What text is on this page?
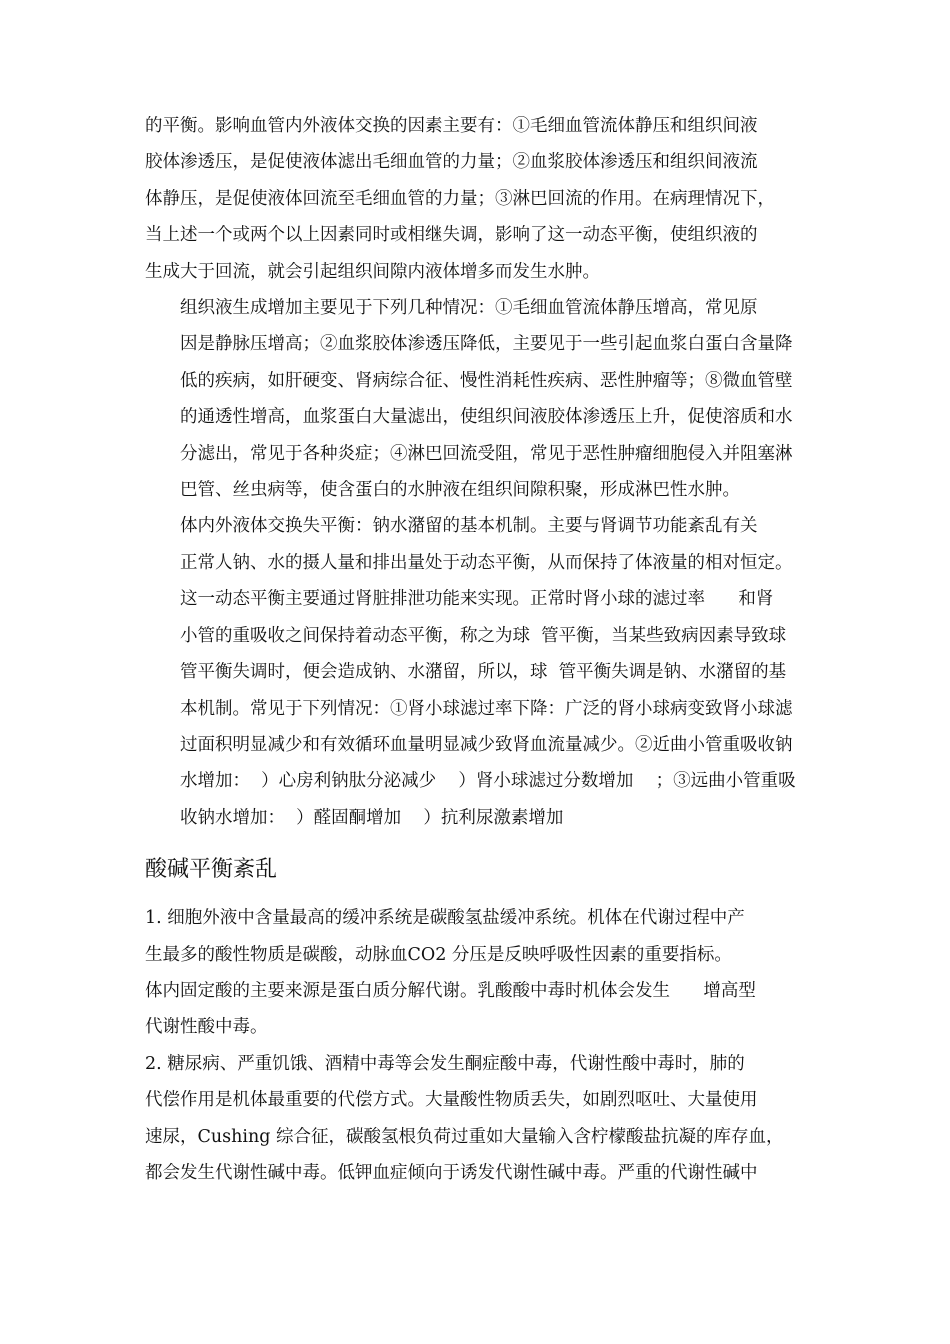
的平衡。影响血管内外液体交换的因素主要有：①毛细血管流体静压和组织间液
胶体渗透压，是促使液体滤出毛细血管的力量；②血浆胶体渗透压和组织间液流
体静压，是促使液体回流至毛细血管的力量；③淋巴回流的作用。在病理情况下，
当上述一个或两个以上因素同时或相继失调，影响了这一动态平衡，使组织液的
生成大于回流，就会引起组织间隙内液体增多而发生水肿。

组织液生成增加主要见于下列几种情况：①毛细血管流体静压增高，常见原
因是静脉压增高；②血浆胶体渗透压降低，主要见于一些引起血浆白蛋白含量降
低的疾病，如肝硬变、肾病综合征、慢性消耗性疾病、恶性肿瘤等；⑧微血管壁
的通透性增高，血浆蛋白大量滤出，使组织间液胶体渗透压上升，促使溶质和水
分滤出，常见于各种炎症；④淋巴回流受阻，常见于恶性肿瘤细胞侵入并阻塞淋
巴管、丝虫病等，使含蛋白的水肿液在组织间隙积聚，形成淋巴性水肿。

体内外液体交换失平衡：钠水潴留的基本机制。主要与肾调节功能紊乱有关
正常人钠、水的摄人量和排出量处于动态平衡，从而保持了体液量的相对恒定。
这一动态平衡主要通过肾脏排泄功能来实现。正常时肾小球的滤过率      和肾
小管的重吸收之间保持着动态平衡，称之为球  管平衡，当某些致病因素导致球
管平衡失调时，便会造成钠、水潴留，所以，球  管平衡失调是钠、水潴留的基
本机制。常见于下列情况：①肾小球滤过率下降：广泛的肾小球病变致肾小球滤
过面积明显减少和有效循环血量明显减少致肾血流量减少。②近曲小管重吸收钠
水增加：  ）心房利钠肽分泌减少    ）肾小球滤过分数增加    ；③远曲小管重吸
收钠水增加：  ）醛固酮增加    ）抗利尿激素增加

酸碱平衡紊乱

1. 细胞外液中含量最高的缓冲系统是碳酸氢盐缓冲系统。机体在代谢过程中产
生最多的酸性物质是碳酸，动脉血CO2 分压是反映呼吸性因素的重要指标。
体内固定酸的主要来源是蛋白质分解代谢。乳酸酸中毒时机体会发生      增高型
代谢性酸中毒。

2. 糖尿病、严重饥饿、酒精中毒等会发生酮症酸中毒，代谢性酸中毒时，肺的
代偿作用是机体最重要的代偿方式。大量酸性物质丢失，如剧烈呕吐、大量使用
速尿，Cushing 综合征，碳酸氢根负荷过重如大量输入含柠檬酸盐抗凝的库存血，
都会发生代谢性碱中毒。低钾血症倾向于诱发代谢性碱中毒。严重的代谢性碱中
